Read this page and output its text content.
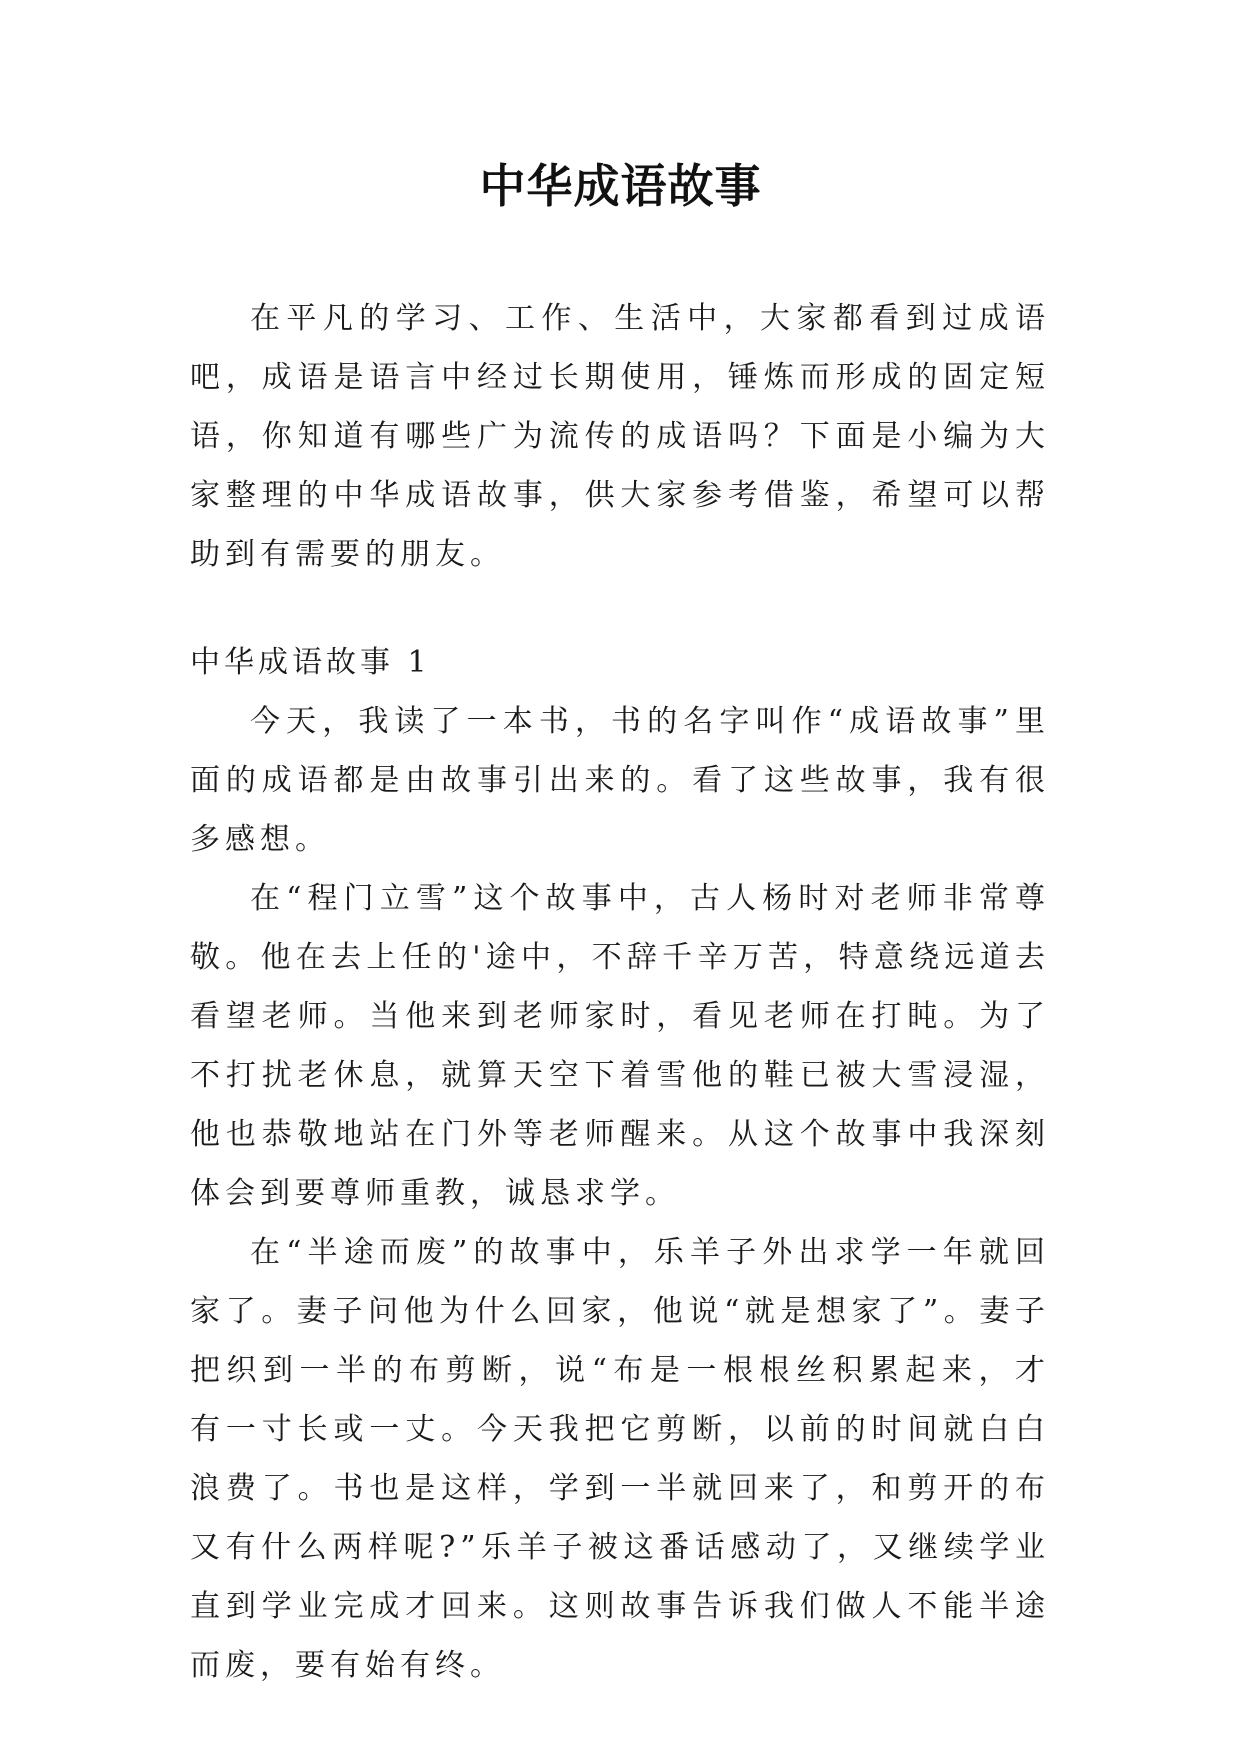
中华成语故事

在平凡的学习、工作、生活中，大家都看到过成语吧，成语是语言中经过长期使用，锤炼而形成的固定短语，你知道有哪些广为流传的成语吗？下面是小编为大家整理的中华成语故事，供大家参考借鉴，希望可以帮助到有需要的朋友。

中华成语故事 1

今天，我读了一本书，书的名字叫作“成语故事”里面的成语都是由故事引出来的。看了这些故事，我有很多感想。

在“程门立雪”这个故事中，古人杨时对老师非常尊敬。他在去上任的'途中，不辞千辛万苦，特意绕远道去看望老师。当他来到老师家时，看见老师在打盹。为了不打扰老休息，就算天空下着雪他的鞋已被大雪浸湿，他也恭敬地站在门外等老师醒来。从这个故事中我深刻体会到要尊师重教，诚恳求学。

在“半途而废”的故事中，乐羊子外出求学一年就回家了。妻子问他为什么回家，他说“就是想家了”。妻子把织到一半的布剪断，说“布是一根根丝积累起来，才有一寸长或一丈。今天我把它剪断，以前的时间就白白浪费了。书也是这样，学到一半就回来了，和剪开的布又有什么两样呢?”乐羊子被这番话感动了，又继续学业直到学业完成才回来。这则故事告诉我们做人不能半途而废，要有始有终。
